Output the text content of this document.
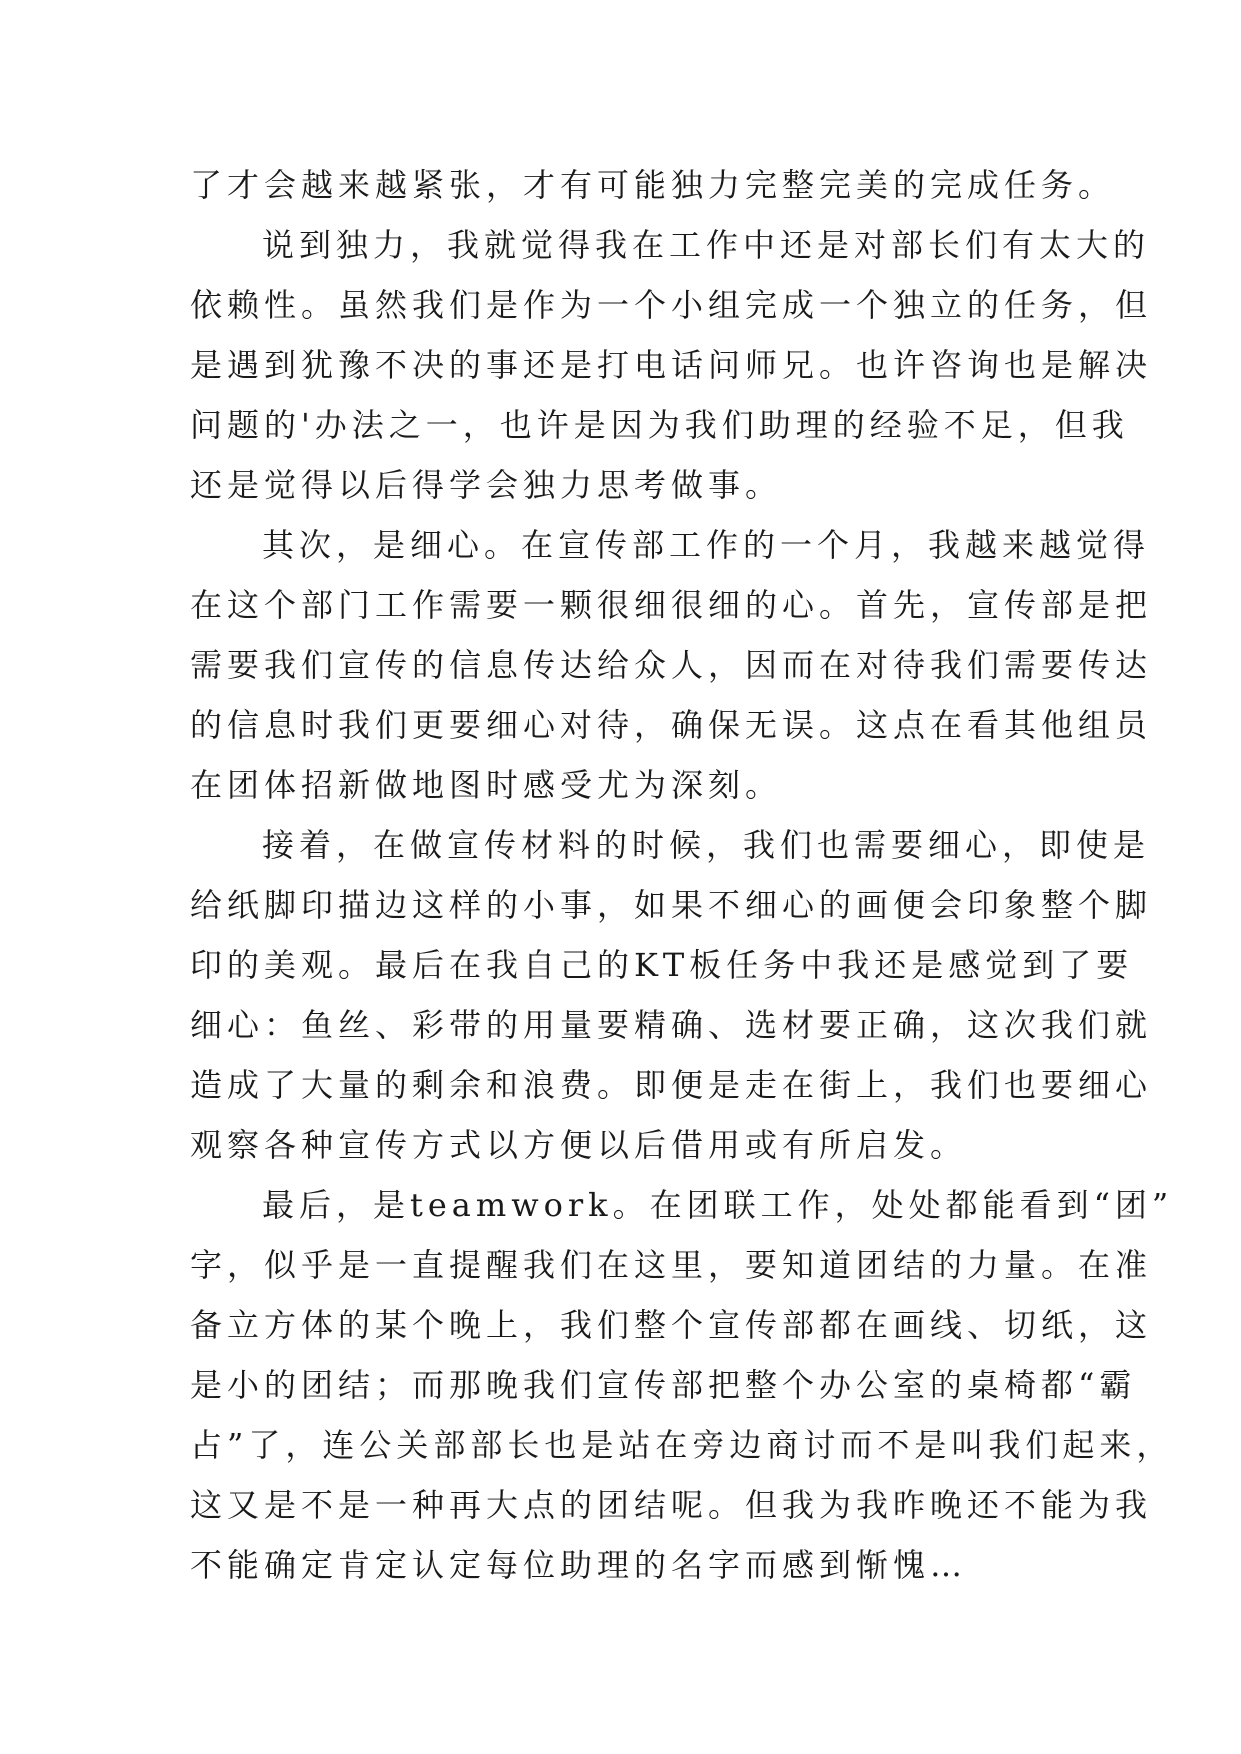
了才会越来越紧张，才有可能独力完整完美的完成任务。
说到独力，我就觉得我在工作中还是对部长们有太大的
依赖性。虽然我们是作为一个小组完成一个独立的任务，但
是遇到犹豫不决的事还是打电话问师兄。也许咨询也是解决
问题的'办法之一，也许是因为我们助理的经验不足，但我
还是觉得以后得学会独力思考做事。
其次，是细心。在宣传部工作的一个月，我越来越觉得
在这个部门工作需要一颗很细很细的心。首先，宣传部是把
需要我们宣传的信息传达给众人，因而在对待我们需要传达
的信息时我们更要细心对待，确保无误。这点在看其他组员
在团体招新做地图时感受尤为深刻。
接着，在做宣传材料的时候，我们也需要细心，即使是
给纸脚印描边这样的小事，如果不细心的画便会印象整个脚
印的美观。最后在我自己的KT板任务中我还是感觉到了要
细心：鱼丝、彩带的用量要精确、选材要正确，这次我们就
造成了大量的剩余和浪费。即便是走在街上，我们也要细心
观察各种宣传方式以方便以后借用或有所启发。
最后，是teamwork。在团联工作，处处都能看到“团”
字，似乎是一直提醒我们在这里，要知道团结的力量。在准
备立方体的某个晚上，我们整个宣传部都在画线、切纸，这
是小的团结；而那晚我们宣传部把整个办公室的桌椅都“霸
占”了，连公关部部长也是站在旁边商讨而不是叫我们起来，
这又是不是一种再大点的团结呢。但我为我昨晚还不能为我
不能确定肯定认定每位助理的名字而感到惭愧…
